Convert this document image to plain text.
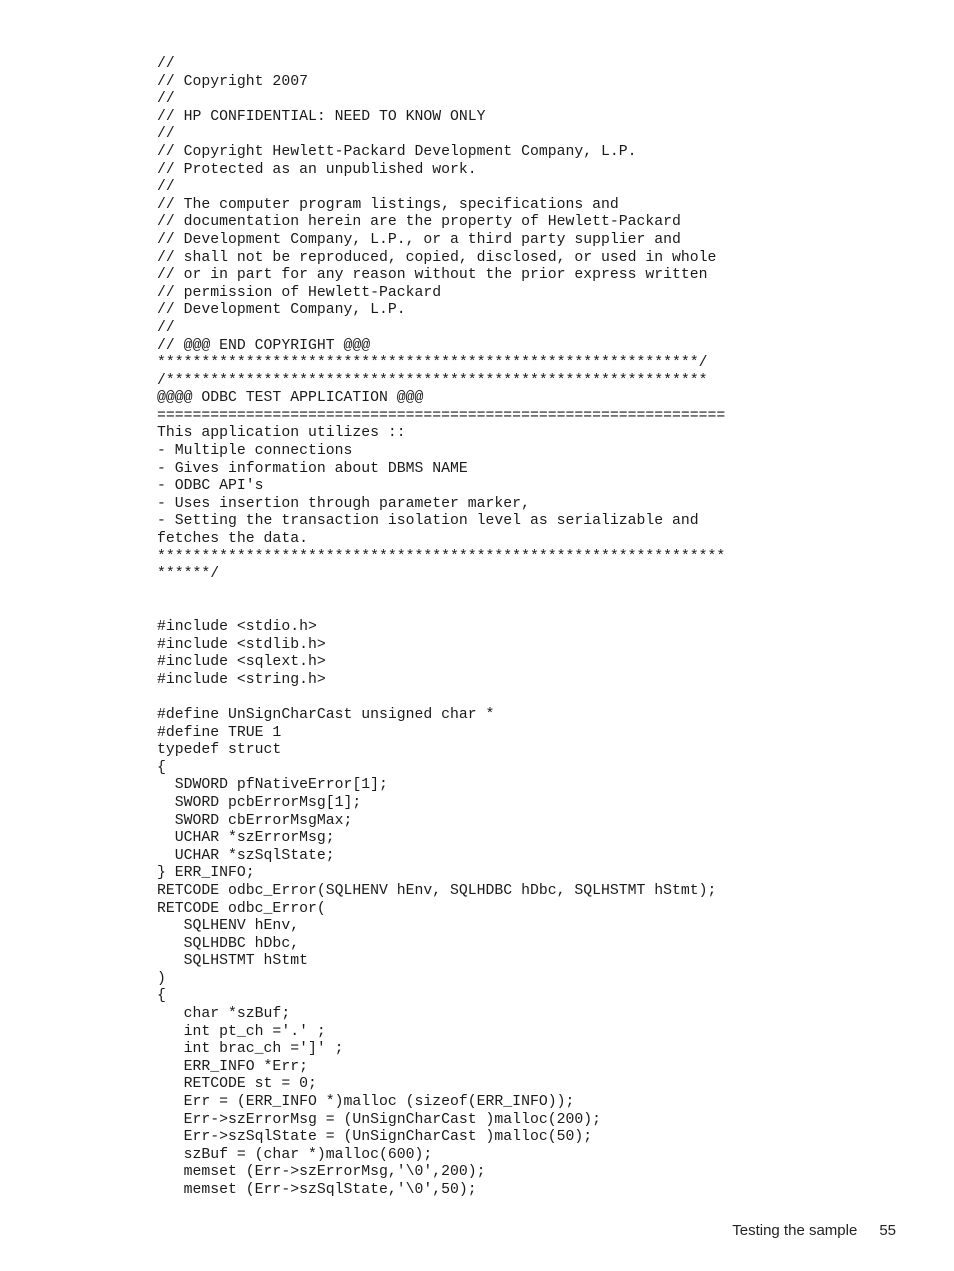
//
// Copyright 2007
//
// HP CONFIDENTIAL: NEED TO KNOW ONLY
//
// Copyright Hewlett-Packard Development Company, L.P.
// Protected as an unpublished work.
//
// The computer program listings, specifications and
// documentation herein are the property of Hewlett-Packard
// Development Company, L.P., or a third party supplier and
// shall not be reproduced, copied, disclosed, or used in whole
// or in part for any reason without the prior express written
// permission of Hewlett-Packard
// Development Company, L.P.
//
// @@@ END COPYRIGHT @@@
*************************************************************/
/*************************************************************
@@@@ ODBC TEST APPLICATION @@@
================================================================
This application utilizes ::
- Multiple connections
- Gives information about DBMS NAME
- ODBC API's
- Uses insertion through parameter marker,
- Setting the transaction isolation level as serializable and
fetches the data.
****************************************************************
******/
#include <stdio.h>
#include <stdlib.h>
#include <sqlext.h>
#include <string.h>
#define UnSignCharCast unsigned char *
#define TRUE 1
typedef struct
{
SDWORD pfNativeError[1];
SWORD pcbErrorMsg[1];
SWORD cbErrorMsgMax;
UCHAR *szErrorMsg;
UCHAR *szSqlState;
} ERR_INFO;
RETCODE odbc_Error(SQLHENV hEnv, SQLHDBC hDbc, SQLHSTMT hStmt);
RETCODE odbc_Error(
SQLHENV hEnv,
SQLHDBC hDbc,
SQLHSTMT hStmt
)
{
char *szBuf;
int pt_ch ='.' ;
int brac_ch =']' ;
ERR_INFO *Err;
RETCODE st = 0;
Err = (ERR_INFO *)malloc (sizeof(ERR_INFO));
Err->szErrorMsg = (UnSignCharCast )malloc(200);
Err->szSqlState = (UnSignCharCast )malloc(50);
szBuf = (char *)malloc(600);
memset (Err->szErrorMsg,'\0',200);
memset (Err->szSqlState,'\0',50);
Testing the sample 55
